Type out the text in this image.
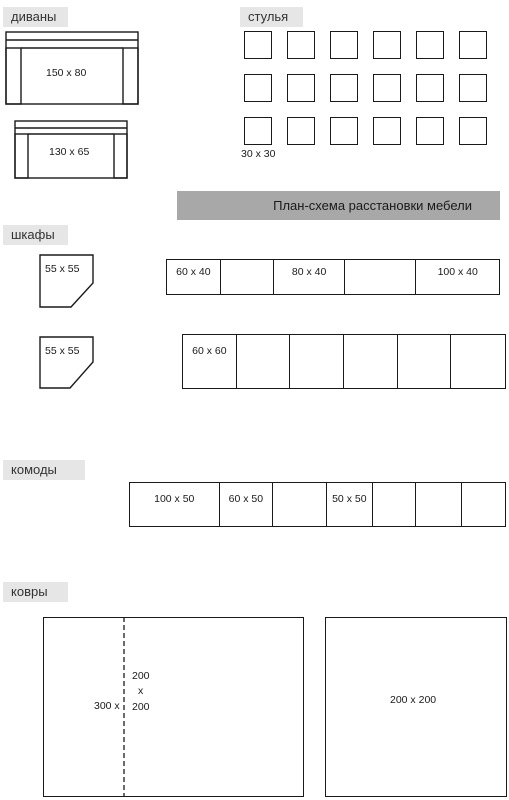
диваны	стулья
шкафы
комоды
ковры
План-схема расстановки мебели
150 x 80
130 x 65	30 x 30
55 x 55
55 x 55
60 x 40	80 x 40	100 x 40
60 x 60
100 x 50	60 x 50	50 x 50
300 x
200
x
200
200 x 200
